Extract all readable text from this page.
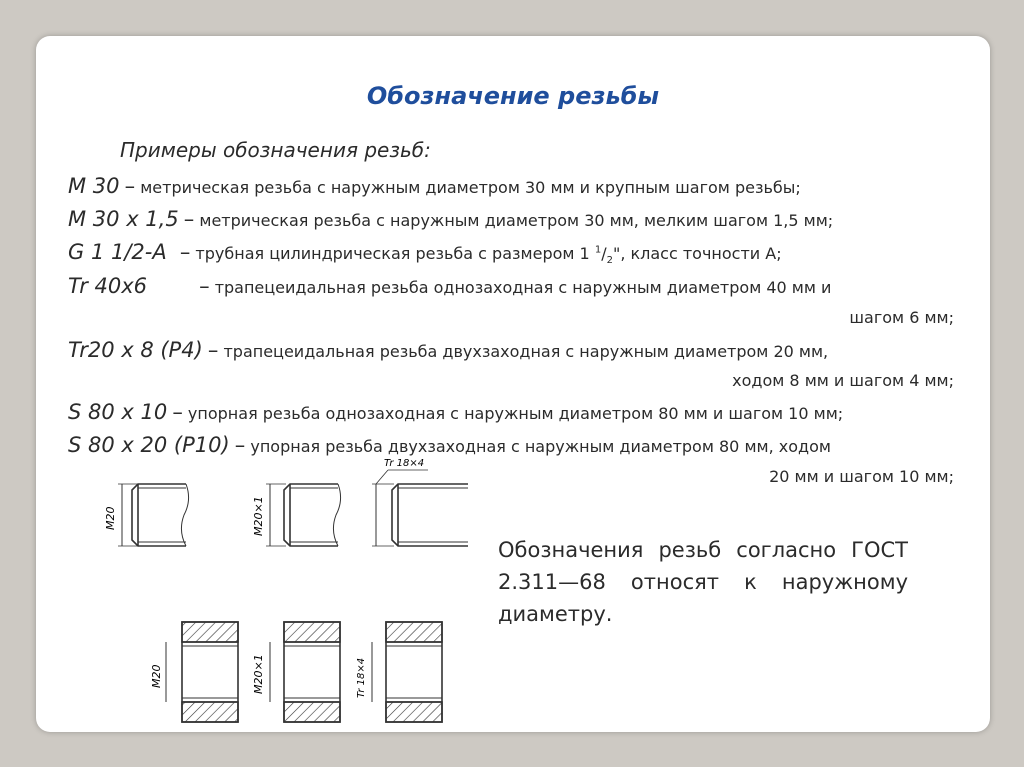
Обозначение резьбы
Примеры обозначения резьб:
M 30 – метрическая резьба с наружным диаметром 30 мм и крупным шагом резьбы;
M 30 х 1,5 – метрическая резьба с наружным диаметром 30 мм, мелким шагом 1,5 мм;
G 1 1/2-A – трубная цилиндрическая резьба с размером 1 $^1/_2$", класс точности А;
Tr 40x6 – трапецеидальная резьба однозаходная с наружным диаметром 40 мм и
шагом 6 мм;
Tr20 х 8 (P4) – трапецеидальная резьба двухзаходная с наружным диаметром 20 мм,
ходом 8 мм и шагом 4 мм;
S 80 х 10 – упорная резьба однозаходная с наружным диаметром 80 мм и шагом 10 мм;
S 80 х 20 (P10) – упорная резьба двухзаходная с наружным диаметром 80 мм, ходом
20 мм и шагом 10 мм;
M20	M20×1
Tr 18×4
M20	M20×1	Tr 18×4
Обозначения резьб согласно ГОСТ 2.311—68 относят к наружному диаметру.
